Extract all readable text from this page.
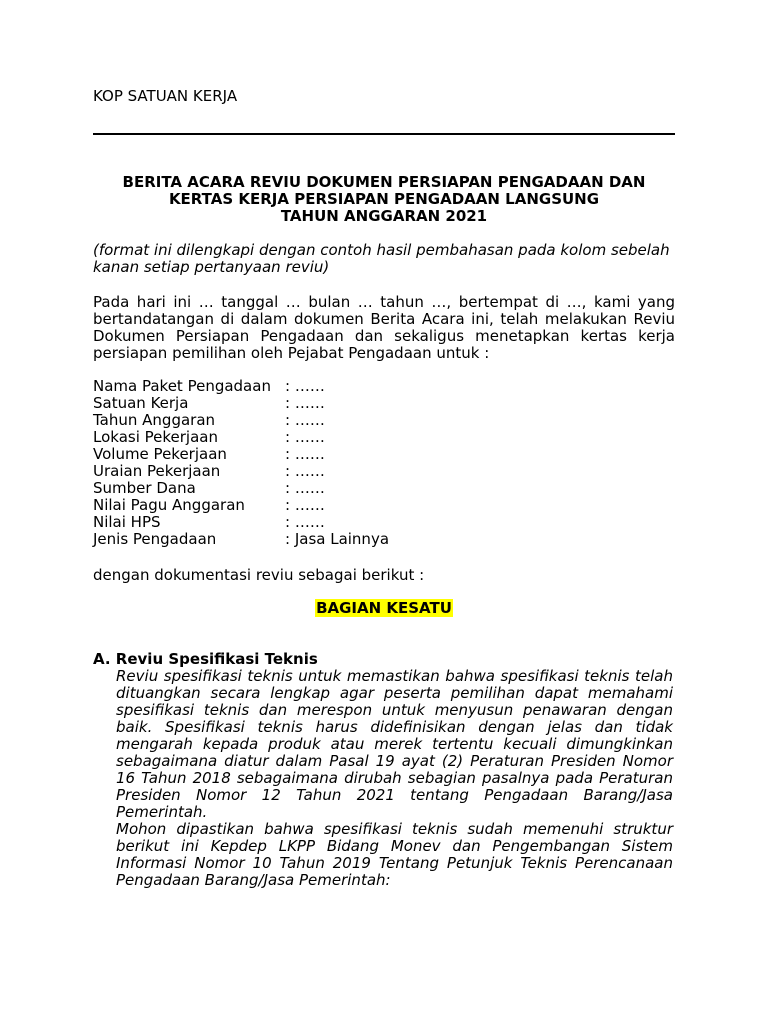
KOP SATUAN KERJA
BERITA ACARA REVIU DOKUMEN PERSIAPAN PENGADAAN DAN
KERTAS KERJA PERSIAPAN PENGADAAN LANGSUNG
TAHUN ANGGARAN 2021
(format ini dilengkapi dengan contoh hasil pembahasan pada kolom sebelah kanan setiap pertanyaan reviu)
Pada hari ini … tanggal … bulan … tahun …, bertempat di …, kami yang bertandatangan di dalam dokumen Berita Acara ini, telah melakukan Reviu Dokumen Persiapan Pengadaan dan sekaligus menetapkan kertas kerja persiapan pemilihan oleh Pejabat Pengadaan untuk :
Nama Paket Pengadaan : ……
Satuan Kerja	: ……
Tahun Anggaran	: ……
Lokasi Pekerjaan	: ……
Volume Pekerjaan	: ……
Uraian Pekerjaan	: ……
Sumber Dana	: ……
Nilai Pagu Anggaran	: ……
Nilai HPS	: ……
Jenis Pengadaan	: Jasa Lainnya
dengan dokumentasi reviu sebagai berikut :
BAGIAN KESATU
A. Reviu Spesifikasi Teknis

Reviu spesifikasi teknis untuk memastikan bahwa spesifikasi teknis telah dituangkan secara lengkap agar peserta pemilihan dapat memahami spesifikasi teknis dan merespon untuk menyusun penawaran dengan baik. Spesifikasi teknis harus didefinisikan dengan jelas dan tidak mengarah kepada produk atau merek tertentu kecuali dimungkinkan sebagaimana diatur dalam Pasal 19 ayat (2) Peraturan Presiden Nomor 16 Tahun 2018 sebagaimana dirubah sebagian pasalnya pada Peraturan Presiden Nomor 12 Tahun 2021 tentang Pengadaan Barang/Jasa Pemerintah.

Mohon dipastikan bahwa spesifikasi teknis sudah memenuhi struktur berikut ini Kepdep LKPP Bidang Monev dan Pengembangan Sistem Informasi Nomor 10 Tahun 2019 Tentang Petunjuk Teknis Perencanaan Pengadaan Barang/Jasa Pemerintah:
